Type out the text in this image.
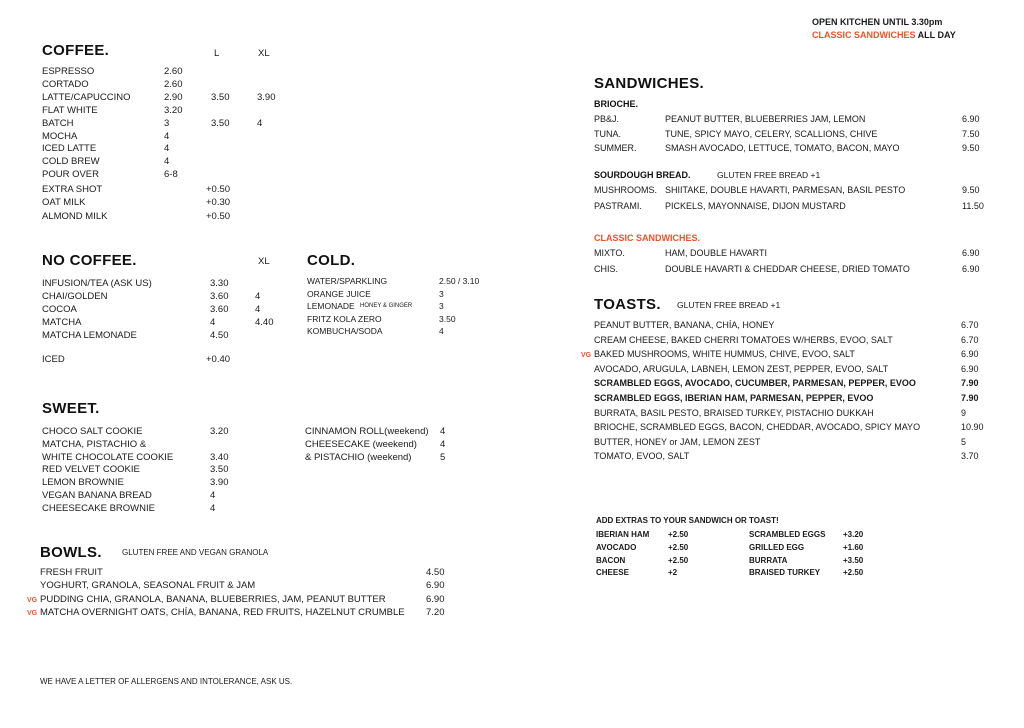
OPEN KITCHEN UNTIL 3.30pm
CLASSIC SANDWICHES ALL DAY
COFFEE.	L	XL
ESPRESSO	2.60
CORTADO	2.60
LATTE/CAPUCCINO	2.90	3.50	3.90
FLAT WHITE	3.20
BATCH	3	3.50	4
MOCHA	4
ICED LATTE	4
COLD BREW	4
POUR OVER	6-8
EXTRA SHOT	+0.50
OAT MILK	+0.30
ALMOND MILK	+0.50
NO COFFEE.	XL
INFUSION/TEA (ASK US)	3.30
CHAI/GOLDEN	3.60	4
COCOA	3.60	4
MATCHA	4	4.40
MATCHA LEMONADE	4.50
ICED	+0.40
COLD.
WATER/SPARKLING	2.50 / 3.10
ORANGE JUICE	3
LEMONADE	3
HONEY & GINGER
FRITZ KOLA ZERO	3.50
KOMBUCHA/SODA	4
SWEET.
CHOCO SALT COOKIE	3.20
MATCHA, PISTACHIO &
WHITE CHOCOLATE COOKIE	3.40
RED VELVET COOKIE	3.50
LEMON BROWNIE	3.90
VEGAN BANANA BREAD	4
CHEESECAKE BROWNIE	4
CINNAMON ROLL(weekend) 4
CHEESECAKE (weekend) 4
& PISTACHIO (weekend)	5
BOWLS.	GLUTEN FREE AND VEGAN GRANOLA
FRESH FRUIT	4.50
YOGHURT, GRANOLA, SEASONAL FRUIT & JAM	6.90
PUDDING CHIA, GRANOLA, BANANA, BLUEBERRIES, JAM, PEANUT BUTTER	6.90
VG
MATCHA OVERNIGHT OATS, CHÍA, BANANA, RED FRUITS, HAZELNUT CRUMBLE 7.20
VG
WE HAVE A LETTER OF ALLERGENS AND INTOLERANCE, ASK US.
SANDWICHES.
BRIOCHE.
PB&J.	PEANUT BUTTER, BLUEBERRIES JAM, LEMON	6.90
TUNA.	TUNE, SPICY MAYO, CELERY, SCALLIONS, CHIVE	7.50
SUMMER.	SMASH AVOCADO, LETTUCE, TOMATO, BACON, MAYO	9.50
SOURDOUGH BREAD.	GLUTEN FREE BREAD +1
MUSHROOMS. SHIITAKE, DOUBLE HAVARTI, PARMESAN, BASIL PESTO	9.50
PASTRAMI.	PICKELS, MAYONNAISE, DIJON MUSTARD	11.50
CLASSIC SANDWICHES.
MIXTO.	HAM, DOUBLE HAVARTI	6.90
CHIS.	DOUBLE HAVARTI & CHEDDAR CHEESE, DRIED TOMATO	6.90
TOASTS. GLUTEN FREE BREAD +1
PEANUT BUTTER, BANANA, CHÍA, HONEY	6.70
CREAM CHEESE, BAKED CHERRI TOMATOES W/HERBS, EVOO, SALT	6.70
BAKED MUSHROOMS, WHITE HUMMUS, CHIVE, EVOO, SALT	6.90
VG
AVOCADO, ARUGULA, LABNEH, LEMON ZEST, PEPPER, EVOO, SALT	6.90
SCRAMBLED EGGS, AVOCADO, CUCUMBER, PARMESAN, PEPPER, EVOO	7.90
SCRAMBLED EGGS, IBERIAN HAM, PARMESAN, PEPPER, EVOO	7.90
BURRATA, BASIL PESTO, BRAISED TURKEY, PISTACHIO DUKKAH	9
BRIOCHE, SCRAMBLED EGGS, BACON, CHEDDAR, AVOCADO, SPICY MAYO	10.90
BUTTER, HONEY or JAM, LEMON ZEST	5
TOMATO, EVOO, SALT	3.70
ADD EXTRAS TO YOUR SANDWICH OR TOAST!
IBERIAN HAM +2.50
AVOCADO	+2.50
BACON	+2.50
CHEESE	+2
SCRAMBLED EGGS +3.20
GRILLED EGG	+1.60
BURRATA	+3.50
BRAISED TURKEY	+2.50
